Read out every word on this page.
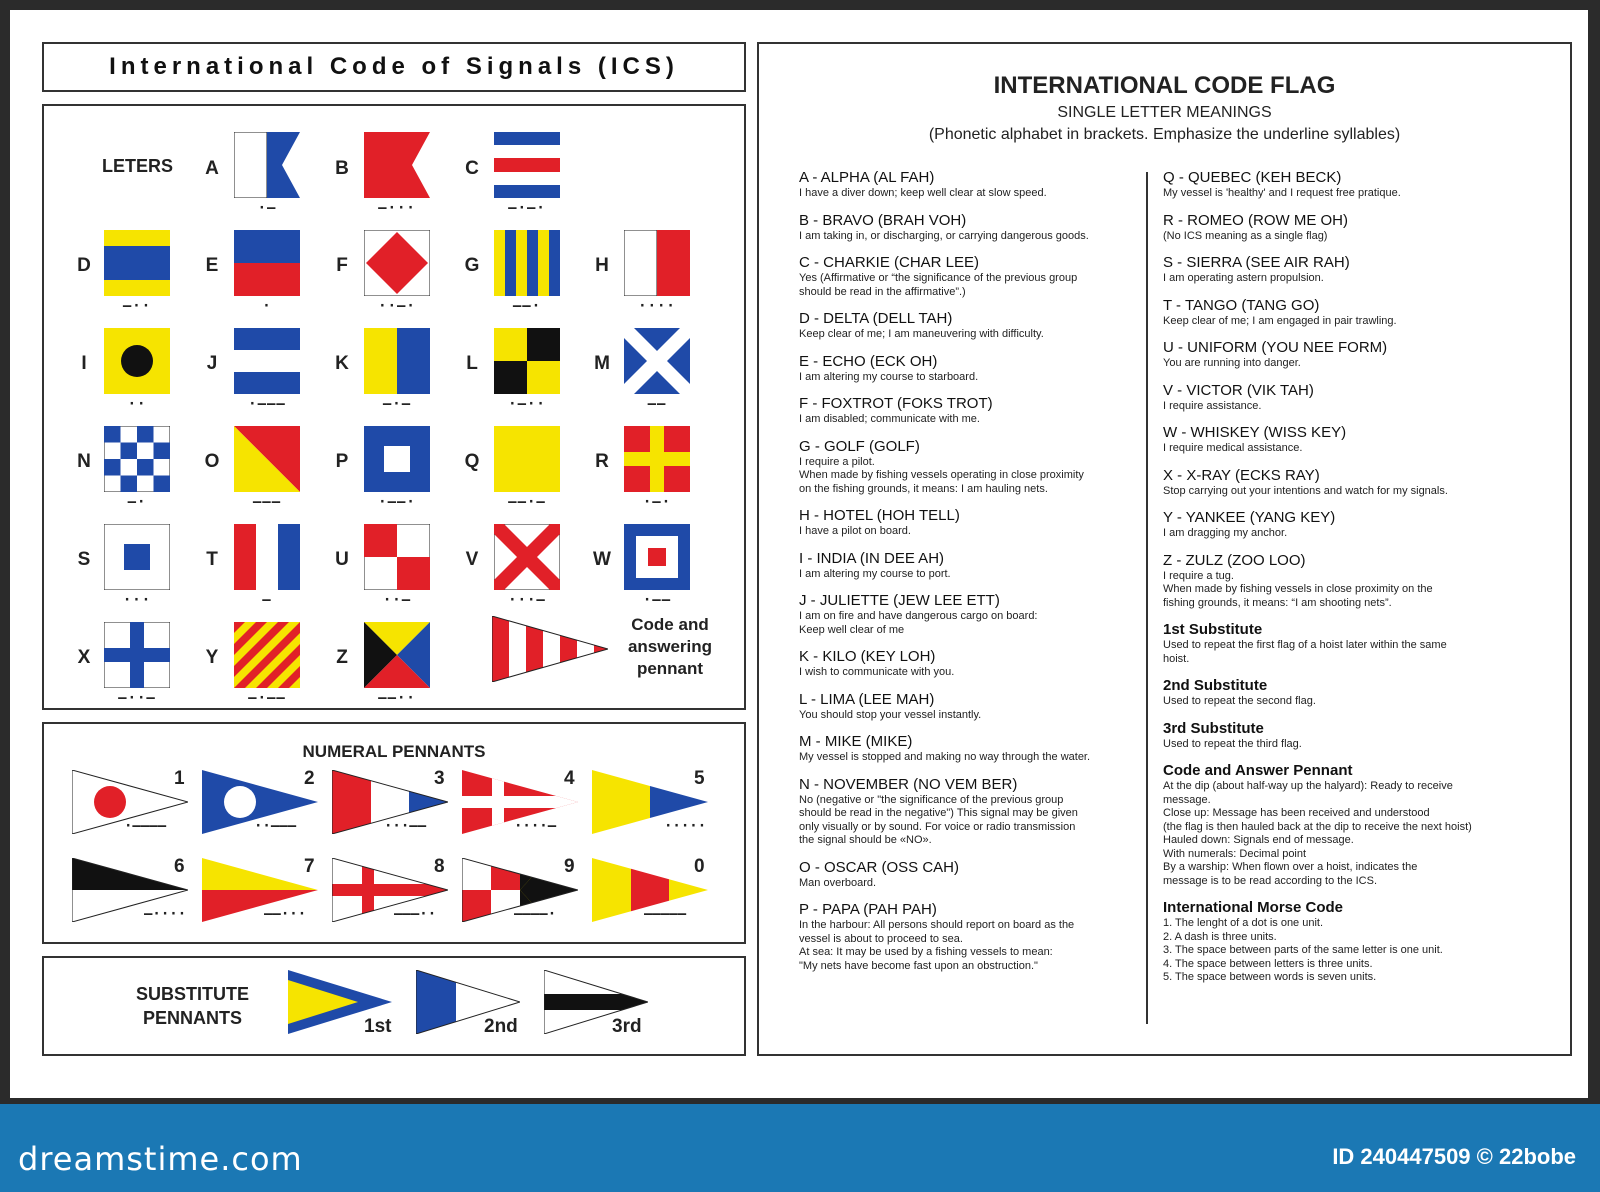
International Code of Signals (ICS)
LETERS A
·–
B
–···
C
–·–·
D
–··
E
·
F
··–·
G
––·
H
····
I
··
J
·–––
K
–·–
L
·–··
M
––
N
–·
O
–––
P
·––·
Q
––·–
R
·–·
S
···
T
–
U
··–
V
···–
W
·––
X
–··–
Y
–·––
Z
––··
Code and answering pennant
NUMERAL PENNANTS
1
·––––
2
··–––
3
···––
4
····–
5
·····
6
–····
7
––···
8
–––··
9
––––·
0
–––––
SUBSTITUTE
PENNANTS	1st	2nd	3rd
INTERNATIONAL CODE FLAG
SINGLE LETTER MEANINGS
(Phonetic alphabet in brackets. Emphasize the underline syllables)
A - ALPHA (AL FAH)
I have a diver down; keep well clear at slow speed.
B - BRAVO (BRAH VOH)
I am taking in, or discharging, or carrying dangerous goods.
C - CHARKIE (CHAR LEE)
Yes (Affirmative or “the significance of the previous group
should be read in the affirmative”.)
D - DELTA (DELL TAH)
Keep clear of me; I am maneuvering with difficulty.
E - ECHO (ECK OH)
I am altering my course to starboard.
F - FOXTROT (FOKS TROT)
I am disabled; communicate with me.
G - GOLF (GOLF)
I require a pilot.
When made by fishing vessels operating in close proximity
on the fishing grounds, it means: I am hauling nets.
H - HOTEL (HOH TELL)
I have a pilot on board.
I - INDIA (IN DEE AH)
I am altering my course to port.
J - JULIETTE (JEW LEE ETT)
I am on fire and have dangerous cargo on board:
Keep well clear of me
K - KILO (KEY LOH)
I wish to communicate with you.
L - LIMA (LEE MAH)
You should stop your vessel instantly.
M - MIKE (MIKE)
My vessel is stopped and making no way through the water.
N - NOVEMBER (NO VEM BER)
No (negative or "the significance of the previous group
should be read in the negative") This signal may be given
only visually or by sound. For voice or radio transmission
the signal should be «NO».
O - OSCAR (OSS CAH)
Man overboard.
P - PAPA (PAH PAH)
In the harbour: All persons should report on board as the
vessel is about to proceed to sea.
At sea: It may be used by a fishing vessels to mean:
"My nets have become fast upon an obstruction."
Q - QUEBEC (KEH BECK)
My vessel is 'healthy' and I request free pratique.
R - ROMEO (ROW ME OH)
(No ICS meaning as a single flag)
S - SIERRA (SEE AIR RAH)
I am operating astern propulsion.
T - TANGO (TANG GO)
Keep clear of me; I am engaged in pair trawling.
U - UNIFORM (YOU NEE FORM)
You are running into danger.
V - VICTOR (VIK TAH)
I require assistance.
W - WHISKEY (WISS KEY)
I require medical assistance.
X - X-RAY (ECKS RAY)
Stop carrying out your intentions and watch for my signals.
Y - YANKEE (YANG KEY)
I am dragging my anchor.
Z - ZULZ (ZOO LOO)
I require a tug.
When made by fishing vessels in close proximity on the
fishing grounds, it means: “I am shooting nets”.
1st Substitute
Used to repeat the first flag of a hoist later within the same
hoist.
2nd Substitute
Used to repeat the second flag.
3rd Substitute
Used to repeat the third flag.
Code and Answer Pennant
At the dip (about half-way up the halyard): Ready to receive
message.
Close up: Message has been received and understood
(the flag is then hauled back at the dip to receive the next hoist)
Hauled down: Signals end of message.
With numerals: Decimal point
By a warship: When flown over a hoist, indicates the
message is to be read according to the ICS.
International Morse Code
1. The lenght of a dot is one unit.
2. A dash is three units.
3. The space between parts of the same letter is one unit.
4. The space between letters is three units.
5. The space between words is seven units.
dreamstime.com	ID 240447509 © 22bobe
